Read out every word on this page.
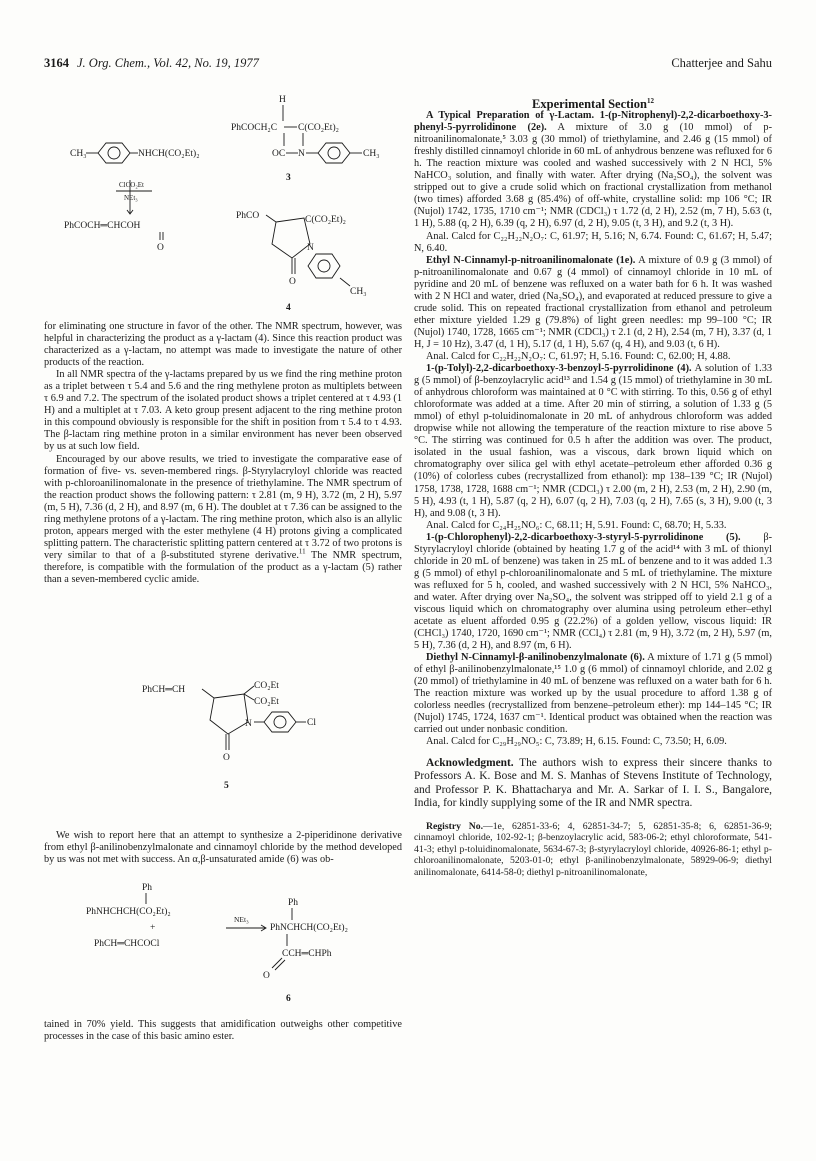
3164 J. Org. Chem., Vol. 42, No. 19, 1977	Chatterjee and Sahu
H
PhCOCH₂C C(CO₂Et)₂
OC N	CH₃
CH₃	NHCH(CO₂Et)₂
3
ClCO₂Et
NEt₃
PhCOCH═CHCOH
O
PhCO	C(CO₂Et)₂
N
O
CH₃
4

for eliminating one structure in favor of the other. The NMR spectrum, however, was helpful in characterizing the product as a γ-lactam (4). Since this reaction product was characterized as a γ-lactam, no attempt was made to investigate the nature of other products of the reaction.

In all NMR spectra of the γ-lactams prepared by us we find the ring methine proton as a triplet between τ 5.4 and 5.6 and the ring methylene proton as multiplets between τ 6.9 and 7.2. The spectrum of the isolated product shows a triplet centered at τ 4.93 (1 H) and a multiplet at τ 7.03. A keto group present adjacent to the ring methine proton in this compound obviously is responsible for the shift in position from τ 5.4 to τ 4.93. The β-lactam ring methine proton in a similar environment has never been observed by us at such low field.

Encouraged by our above results, we tried to investigate the comparative ease of formation of five- vs. seven-membered rings. β-Styrylacryloyl chloride was reacted with p-chloroanilinomalonate in the presence of triethylamine. The NMR spectrum of the reaction product shows the following pattern: τ 2.81 (m, 9 H), 3.72 (m, 2 H), 5.97 (m, 5 H), 7.36 (d, 2 H), and 8.97 (m, 6 H). The doublet at τ 7.36 can be assigned to the ring methylene protons of a γ-lactam. The ring methine proton, which also is an allylic proton, appears merged with the ester methylene (4 H) protons giving a complicated splitting pattern. The characteristic splitting pattern centered at τ 3.72 of two protons is very similar to that of a β-substituted styrene derivative.$^{11}$ The NMR spectrum, therefore, is compatible with the formulation of the product as a γ-lactam (5) rather than a seven-membered cyclic amide.

PhCH═CH	CO₂Et
CO₂Et
N	Cl
O
5

We wish to report here that an attempt to synthesize a 2-piperidinone derivative from ethyl β-anilinobenzylmalonate and cinnamoyl chloride by the method developed by us was not met with success. An α,β-unsaturated amide (6) was ob-

Ph
PhNHCHCH(CO₂Et)₂
+
PhCH═CHCOCl
NEt₃
Ph
PhNCHCH(CO₂Et)₂
CCH═CHPh
O
6

tained in 70% yield. This suggests that amidification outweighs other competitive processes in the case of this basic amino ester.

Experimental Section$^{12}$

A Typical Preparation of γ-Lactam. 1-(p-Nitrophenyl)-2,2-dicarboethoxy-3-phenyl-5-pyrrolidinone (2e). A mixture of 3.0 g (10 mmol) of p-nitroanilinomalonate,⁵ 3.03 g (30 mmol) of triethylamine, and 2.46 g (15 mmol) of freshly distilled cinnamoyl chloride in 60 mL of anhydrous benzene was refluxed for 6 h. The reaction mixture was cooled and washed successively with 2 N HCl, 5% NaHCO₃ solution, and finally with water. After drying (Na₂SO₄), the solvent was stripped out to give a crude solid which on fractional crystallization from methanol (two times) afforded 3.68 g (85.4%) of off-white, crystalline solid: mp 106 °C; IR (Nujol) 1742, 1735, 1710 cm⁻¹; NMR (CDCl₃) τ 1.72 (d, 2 H), 2.52 (m, 7 H), 5.63 (t, 1 H), 5.88 (q, 2 H), 6.39 (q, 2 H), 6.97 (d, 2 H), 9.05 (t, 3 H), and 9.2 (t, 3 H).

Anal. Calcd for C₂₂H₂₂N₂O₇: C, 61.97; H, 5.16; N, 6.74. Found: C, 61.67; H, 5.47; N, 6.40.

Ethyl N-Cinnamyl-p-nitroanilinomalonate (1e). A mixture of 0.9 g (3 mmol) of p-nitroanilinomalonate and 0.67 g (4 mmol) of cinnamoyl chloride in 10 mL of pyridine and 20 mL of benzene was refluxed on a water bath for 6 h. It was washed with 2 N HCl and water, dried (Na₂SO₄), and evaporated at reduced pressure to give a crude solid. This on repeated fractional crystallization from ethanol and petroleum ether mixture yielded 1.29 g (79.8%) of light green needles: mp 99–100 °C; IR (Nujol) 1740, 1728, 1665 cm⁻¹; NMR (CDCl₃) τ 2.1 (d, 2 H), 2.54 (m, 7 H), 3.37 (d, 1 H, J = 10 Hz), 3.47 (d, 1 H), 5.17 (d, 1 H), 5.67 (q, 4 H), and 9.03 (t, 6 H).

Anal. Calcd for C₂₂H₂₂N₂O₇: C, 61.97; H, 5.16. Found: C, 62.00; H, 4.88.

1-(p-Tolyl)-2,2-dicarboethoxy-3-benzoyl-5-pyrrolidinone (4). A solution of 1.33 g (5 mmol) of β-benzoylacrylic acid¹³ and 1.54 g (15 mmol) of triethylamine in 30 mL of anhydrous chloroform was maintained at 0 °C with stirring. To this, 0.56 g of ethyl chloroformate was added at a time. After 20 min of stirring, a solution of 1.33 g (5 mmol) of ethyl p-toluidinomalonate in 20 mL of anhydrous chloroform was added dropwise while not allowing the temperature of the reaction mixture to rise above 5 °C. The stirring was continued for 0.5 h after the addition was over. The product, isolated in the usual fashion, was a viscous, dark brown liquid which on chromatography over silica gel with ethyl acetate–petroleum ether afforded 0.36 g (10%) of colorless cubes (recrystallized from ethanol): mp 138–139 °C; IR (Nujol) 1758, 1738, 1728, 1688 cm⁻¹; NMR (CDCl₃) τ 2.00 (m, 2 H), 2.53 (m, 2 H), 2.90 (m, 5 H), 4.93 (t, 1 H), 5.87 (q, 2 H), 6.07 (q, 2 H), 7.03 (q, 2 H), 7.65 (s, 3 H), 9.00 (t, 3 H), and 9.08 (t, 3 H).

Anal. Calcd for C₂₄H₂₅NO₆: C, 68.11; H, 5.91. Found: C, 68.70; H, 5.33.

1-(p-Chlorophenyl)-2,2-dicarboethoxy-3-styryl-5-pyrrolidinone (5). β-Styrylacryloyl chloride (obtained by heating 1.7 g of the acid¹⁴ with 3 mL of thionyl chloride in 20 mL of benzene) was taken in 25 mL of benzene and to it was added 1.3 g (5 mmol) of ethyl p-chloroanilinomalonate and 5 mL of triethylamine. The mixture was refluxed for 5 h, cooled, and washed successively with 2 N HCl, 5% NaHCO₃, and water. After drying over Na₂SO₄, the solvent was stripped off to yield 2.1 g of a viscous liquid which on chromatography over alumina using petroleum ether–ethyl acetate as eluent afforded 0.95 g (22.2%) of a golden yellow, viscous liquid: IR (CHCl₃) 1740, 1720, 1690 cm⁻¹; NMR (CCl₄) τ 2.81 (m, 9 H), 3.72 (m, 2 H), 5.97 (m, 5 H), 7.36 (d, 2 H), and 8.97 (m, 6 H).

Diethyl N-Cinnamyl-β-anilinobenzylmalonate (6). A mixture of 1.71 g (5 mmol) of ethyl β-anilinobenzylmalonate,¹⁵ 1.0 g (6 mmol) of cinnamoyl chloride, and 2.02 g (20 mmol) of triethylamine in 40 mL of benzene was refluxed on a water bath for 6 h. The reaction mixture was worked up by the usual procedure to afford 1.38 g of colorless needles (recrystallized from benzene–petroleum ether): mp 144–145 °C; IR (Nujol) 1745, 1724, 1637 cm⁻¹. Identical product was obtained when the reaction was carried out under nonbasic condition.

Anal. Calcd for C₂₉H₂₉NO₅: C, 73.89; H, 6.15. Found: C, 73.50; H, 6.09.

Acknowledgment. The authors wish to express their sincere thanks to Professors A. K. Bose and M. S. Manhas of Stevens Institute of Technology, and Professor P. K. Bhattacharya and Mr. A. Sarkar of I. I. S., Bangalore, India, for kindly supplying some of the IR and NMR spectra.

Registry No.—1e, 62851-33-6; 4, 62851-34-7; 5, 62851-35-8; 6, 62851-36-9; cinnamoyl chloride, 102-92-1; β-benzoylacrylic acid, 583-06-2; ethyl chloroformate, 541-41-3; ethyl p-toluidinomalonate, 5634-67-3; β-styrylacryloyl chloride, 40926-86-1; ethyl p-chloroanilinomalonate, 5203-01-0; ethyl β-anilinobenzylmalonate, 58929-06-9; diethyl anilinomalonate, 6414-58-0; diethyl p-nitroanilinomalonate,
